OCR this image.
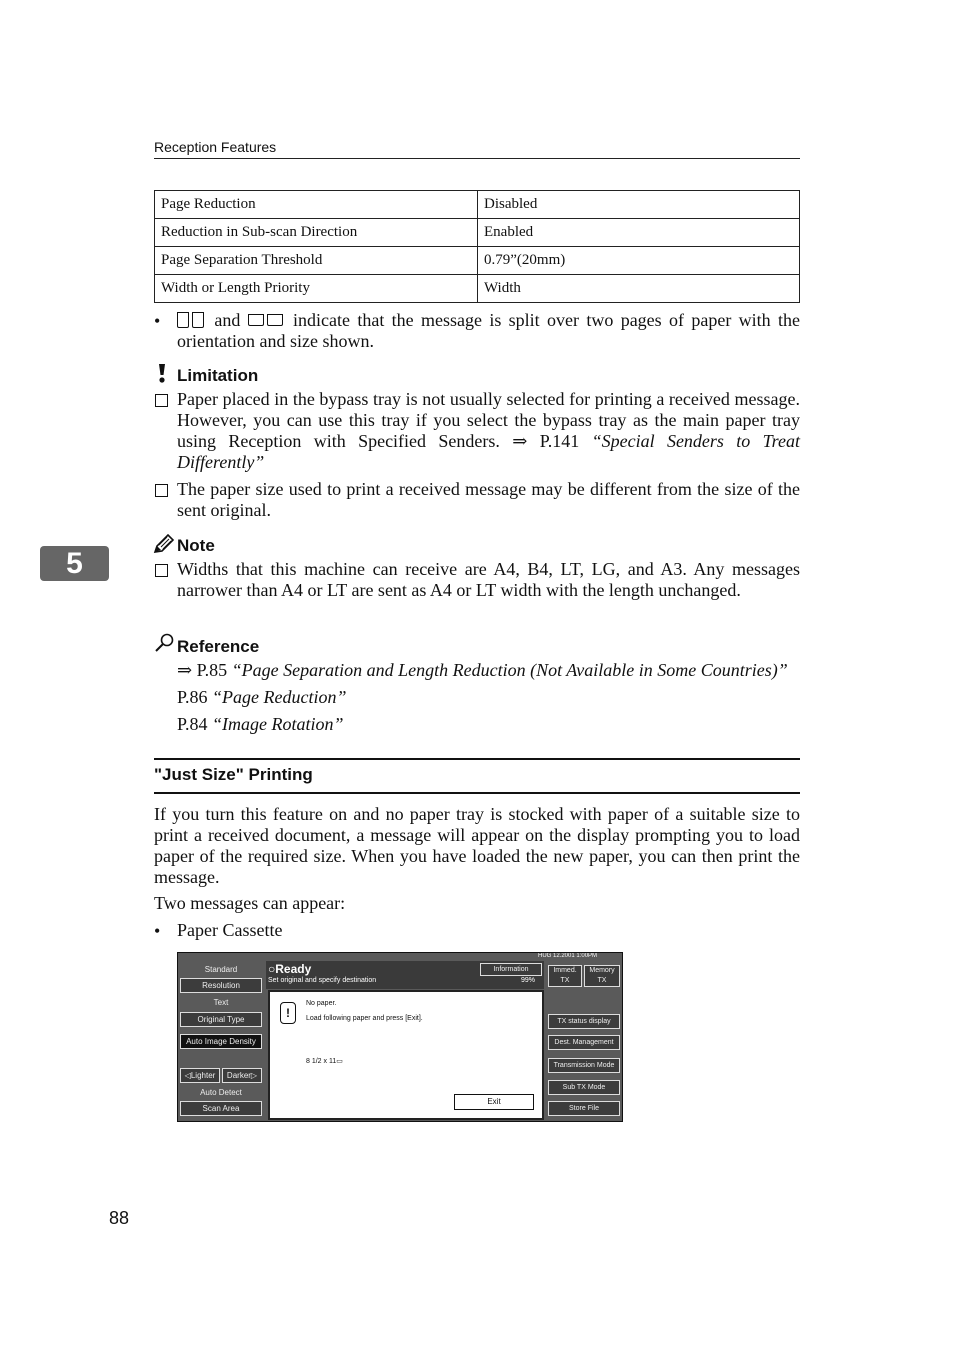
Reception Features
Page Reduction	Disabled
Reduction in Sub-scan Direction	Enabled
Page Separation Threshold	0.79”(20mm)
Width or Length Priority	Width
•	and	indicate that the message is split over two pages of paper with the orientation and size shown.
Limitation
Paper placed in the bypass tray is not usually selected for printing a received message. However, you can use this tray if you select the bypass tray as the main paper tray using Reception with Specified Senders. ⇒ P.141 “Special Senders to Treat Differently”
The paper size used to print a received message may be different from the size of the sent original.
5
Note
Widths that this machine can receive are A4, B4, LT, LG, and A3. Any messages narrower than A4 or LT are sent as A4 or LT width with the length unchanged.
Reference
⇒ P.85 “Page Separation and Length Reduction (Not Available in Some Countries)”
P.86 “Page Reduction”
P.84 “Image Rotation”
"Just Size" Printing
If you turn this feature on and no paper tray is stocked with paper of a suitable size to print a received document, a message will appear on the display prompting you to load paper of the required size. When you have loaded the new paper, you can then print the message.
Two messages can appear:
• Paper Cassette
Standard
Resolution
Text
Original Type
Auto Image Density
◁Lighter	Darker▷
Auto Detect
Scan Area
○Ready
Set original and specify destination
Information
99%
HUG 12.2001 1:00PM
!
No paper.
Load following paper and press [Exit].
8 1/2 x 11▭
Exit
Immed. TX
Memory TX
TX status display
Dest. Management
Transmission Mode
Sub TX Mode
Store File
88
